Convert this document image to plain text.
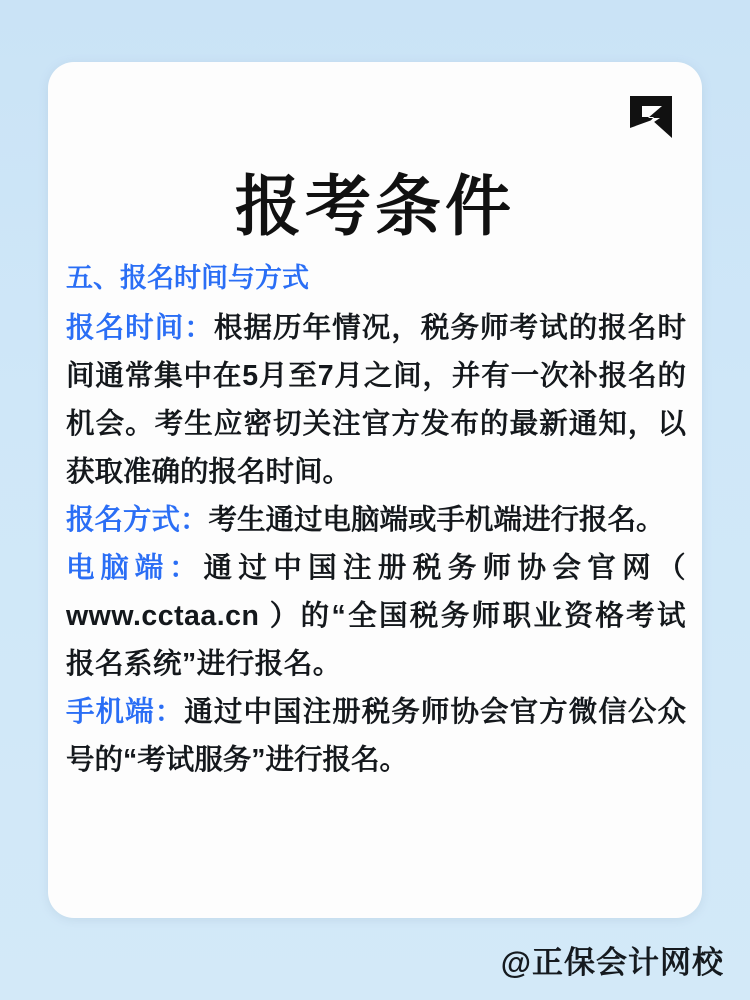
报考条件
五、报名时间与方式

报名时间：根据历年情况，税务师考试的报名时间通常集中在5月至7月之间，并有一次补报名的机会。考生应密切关注官方发布的最新通知，以获取准确的报名时间。

报名方式：考生通过电脑端或手机端进行报名。

电脑端：通过中国注册税务师协会官网（ www.cctaa.cn ）的“全国税务师职业资格考试报名系统”进行报名。

手机端：通过中国注册税务师协会官方微信公众号的“考试服务”进行报名。

@正保会计网校
